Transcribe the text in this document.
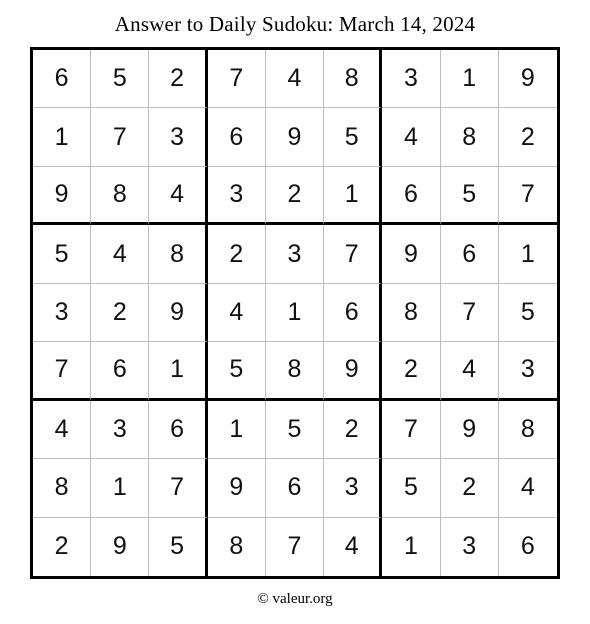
Answer to Daily Sudoku: March 14, 2024
6	5	2	7	4	8	3	1	9
1	7	3	6	9	5	4	8	2
9	8	4	3	2	1	6	5	7
5	4	8	2	3	7	9	6	1
3	2	9	4	1	6	8	7	5
7	6	1	5	8	9	2	4	3
4	3	6	1	5	2	7	9	8
8	1	7	9	6	3	5	2	4
2	9	5	8	7	4	1	3	6
© valeur.org
